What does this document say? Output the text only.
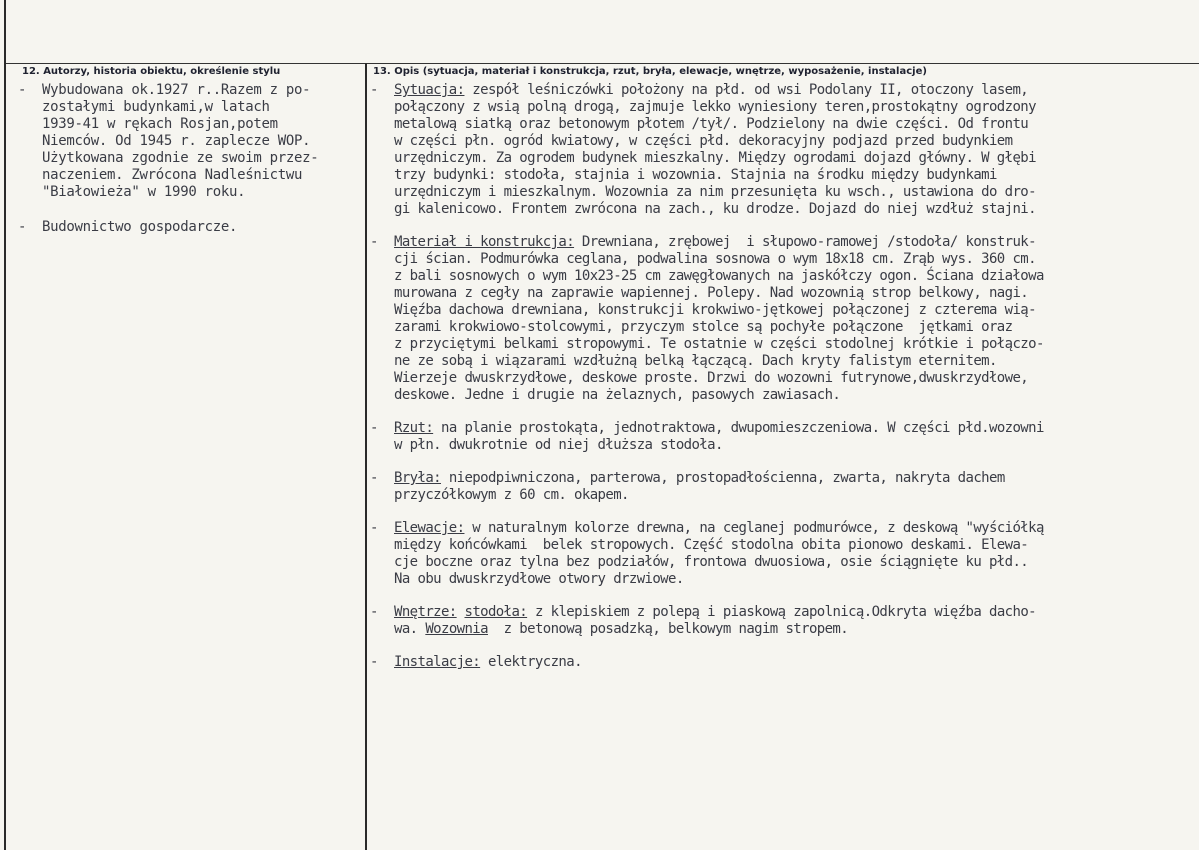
12. Autorzy, historia obiektu, określenie stylu	13. Opis (sytuacja, materiał i konstrukcja, rzut, bryła, elewacje, wnętrze, wyposażenie, instalacje)
- Wybudowana ok.1927 r..Razem z po-
zostałymi budynkami,w latach
1939-41 w rękach Rosjan,potem
Niemców. Od 1945 r. zaplecze WOP.
Użytkowana zgodnie ze swoim przez-
naczeniem. Zwrócona Nadleśnictwu
"Białowieża" w 1990 roku.
- Budownictwo gospodarcze.
- Sytuacja: zespół leśniczówki położony na płd. od wsi Podolany II, otoczony lasem,
połączony z wsią polną drogą, zajmuje lekko wyniesiony teren,prostokątny ogrodzony
metalową siatką oraz betonowym płotem /tył/. Podzielony na dwie części. Od frontu
w części płn. ogród kwiatowy, w części płd. dekoracyjny podjazd przed budynkiem
urzędniczym. Za ogrodem budynek mieszkalny. Między ogrodami dojazd główny. W głębi
trzy budynki: stodoła, stajnia i wozownia. Stajnia na środku między budynkami
urzędniczym i mieszkalnym. Wozownia za nim przesunięta ku wsch., ustawiona do dro-
gi kalenicowo. Frontem zwrócona na zach., ku drodze. Dojazd do niej wzdłuż stajni.
- Materiał i konstrukcja: Drewniana, zrębowej  i słupowo-ramowej /stodoła/ konstruk-
cji ścian. Podmurówka ceglana, podwalina sosnowa o wym 18x18 cm. Zrąb wys. 360 cm.
z bali sosnowych o wym 10x23-25 cm zawęgłowanych na jaskółczy ogon. Ściana działowa
murowana z cegły na zaprawie wapiennej. Polepy. Nad wozownią strop belkowy, nagi.
Więźba dachowa drewniana, konstrukcji krokwiwo-jętkowej połączonej z czterema wią-
zarami krokwiowo-stolcowymi, przyczym stolce są pochyłe połączone  jętkami oraz
z przyciętymi belkami stropowymi. Te ostatnie w części stodolnej krótkie i połączo-
ne ze sobą i wiązarami wzdłużną belką łączącą. Dach kryty falistym eternitem.
Wierzeje dwuskrzydłowe, deskowe proste. Drzwi do wozowni futrynowe,dwuskrzydłowe,
deskowe. Jedne i drugie na żelaznych, pasowych zawiasach.
- Rzut: na planie prostokąta, jednotraktowa, dwupomieszczeniowa. W części płd.wozowni
w płn. dwukrotnie od niej dłuższa stodoła.
- Bryła: niepodpiwniczona, parterowa, prostopadłościenna, zwarta, nakryta dachem
przyczółkowym z 60 cm. okapem.
- Elewacje: w naturalnym kolorze drewna, na ceglanej podmurówce, z deskową "wyściółką
między końcówkami  belek stropowych. Część stodolna obita pionowo deskami. Elewa-
cje boczne oraz tylna bez podziałów, frontowa dwuosiowa, osie ściągnięte ku płd..
Na obu dwuskrzydłowe otwory drzwiowe.
- Wnętrze: stodoła: z klepiskiem z polepą i piaskową zapolnicą.Odkryta więźba dacho-
wa. Wozownia  z betonową posadzką, belkowym nagim stropem.
- Instalacje: elektryczna.
